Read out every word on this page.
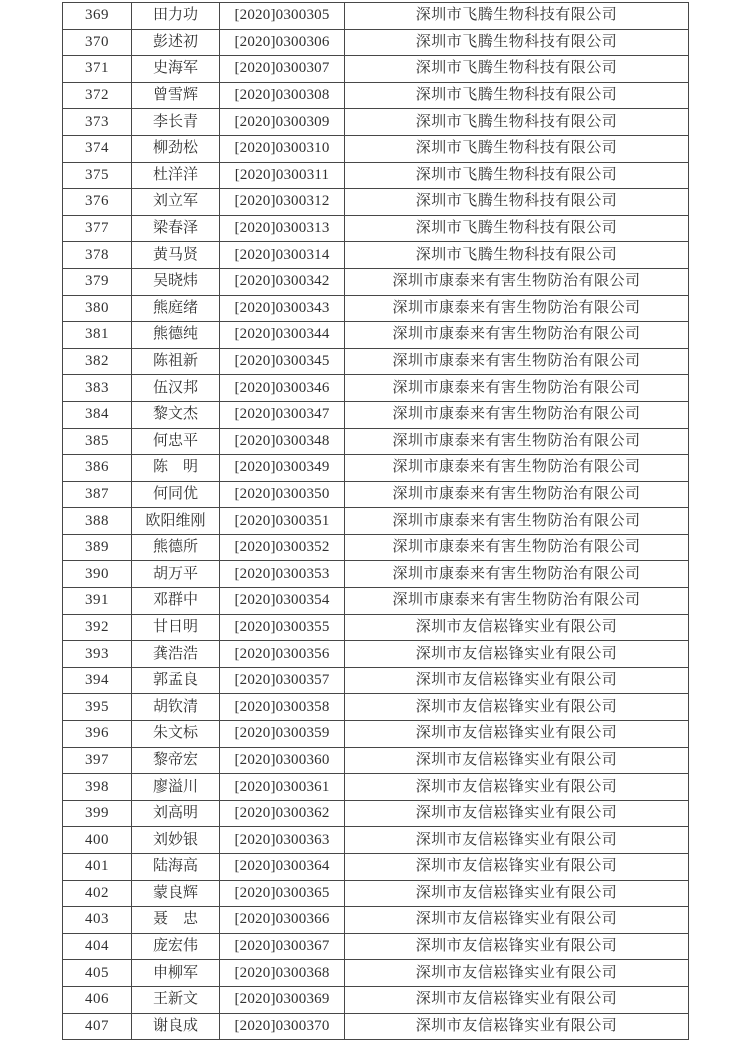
369	田力功	[2020]0300305	深圳市飞腾生物科技有限公司
370	彭述初	[2020]0300306	深圳市飞腾生物科技有限公司
371	史海军	[2020]0300307	深圳市飞腾生物科技有限公司
372	曾雪辉	[2020]0300308	深圳市飞腾生物科技有限公司
373	李长青	[2020]0300309	深圳市飞腾生物科技有限公司
374	柳劲松	[2020]0300310	深圳市飞腾生物科技有限公司
375	杜洋洋	[2020]0300311	深圳市飞腾生物科技有限公司
376	刘立军	[2020]0300312	深圳市飞腾生物科技有限公司
377	梁春泽	[2020]0300313	深圳市飞腾生物科技有限公司
378	黄马贤	[2020]0300314	深圳市飞腾生物科技有限公司
379	吴晓炜	[2020]0300342	深圳市康泰来有害生物防治有限公司
380	熊庭绪	[2020]0300343	深圳市康泰来有害生物防治有限公司
381	熊德纯	[2020]0300344	深圳市康泰来有害生物防治有限公司
382	陈祖新	[2020]0300345	深圳市康泰来有害生物防治有限公司
383	伍汉邦	[2020]0300346	深圳市康泰来有害生物防治有限公司
384	黎文杰	[2020]0300347	深圳市康泰来有害生物防治有限公司
385	何忠平	[2020]0300348	深圳市康泰来有害生物防治有限公司
386	陈　明	[2020]0300349	深圳市康泰来有害生物防治有限公司
387	何同优	[2020]0300350	深圳市康泰来有害生物防治有限公司
388	欧阳维刚	[2020]0300351	深圳市康泰来有害生物防治有限公司
389	熊德所	[2020]0300352	深圳市康泰来有害生物防治有限公司
390	胡万平	[2020]0300353	深圳市康泰来有害生物防治有限公司
391	邓群中	[2020]0300354	深圳市康泰来有害生物防治有限公司
392	甘日明	[2020]0300355	深圳市友信崧锋实业有限公司
393	龚浩浩	[2020]0300356	深圳市友信崧锋实业有限公司
394	郭孟良	[2020]0300357	深圳市友信崧锋实业有限公司
395	胡钦清	[2020]0300358	深圳市友信崧锋实业有限公司
396	朱文标	[2020]0300359	深圳市友信崧锋实业有限公司
397	黎帝宏	[2020]0300360	深圳市友信崧锋实业有限公司
398	廖溢川	[2020]0300361	深圳市友信崧锋实业有限公司
399	刘高明	[2020]0300362	深圳市友信崧锋实业有限公司
400	刘妙银	[2020]0300363	深圳市友信崧锋实业有限公司
401	陆海高	[2020]0300364	深圳市友信崧锋实业有限公司
402	蒙良辉	[2020]0300365	深圳市友信崧锋实业有限公司
403	聂　忠	[2020]0300366	深圳市友信崧锋实业有限公司
404	庞宏伟	[2020]0300367	深圳市友信崧锋实业有限公司
405	申柳军	[2020]0300368	深圳市友信崧锋实业有限公司
406	王新文	[2020]0300369	深圳市友信崧锋实业有限公司
407	谢良成	[2020]0300370	深圳市友信崧锋实业有限公司
